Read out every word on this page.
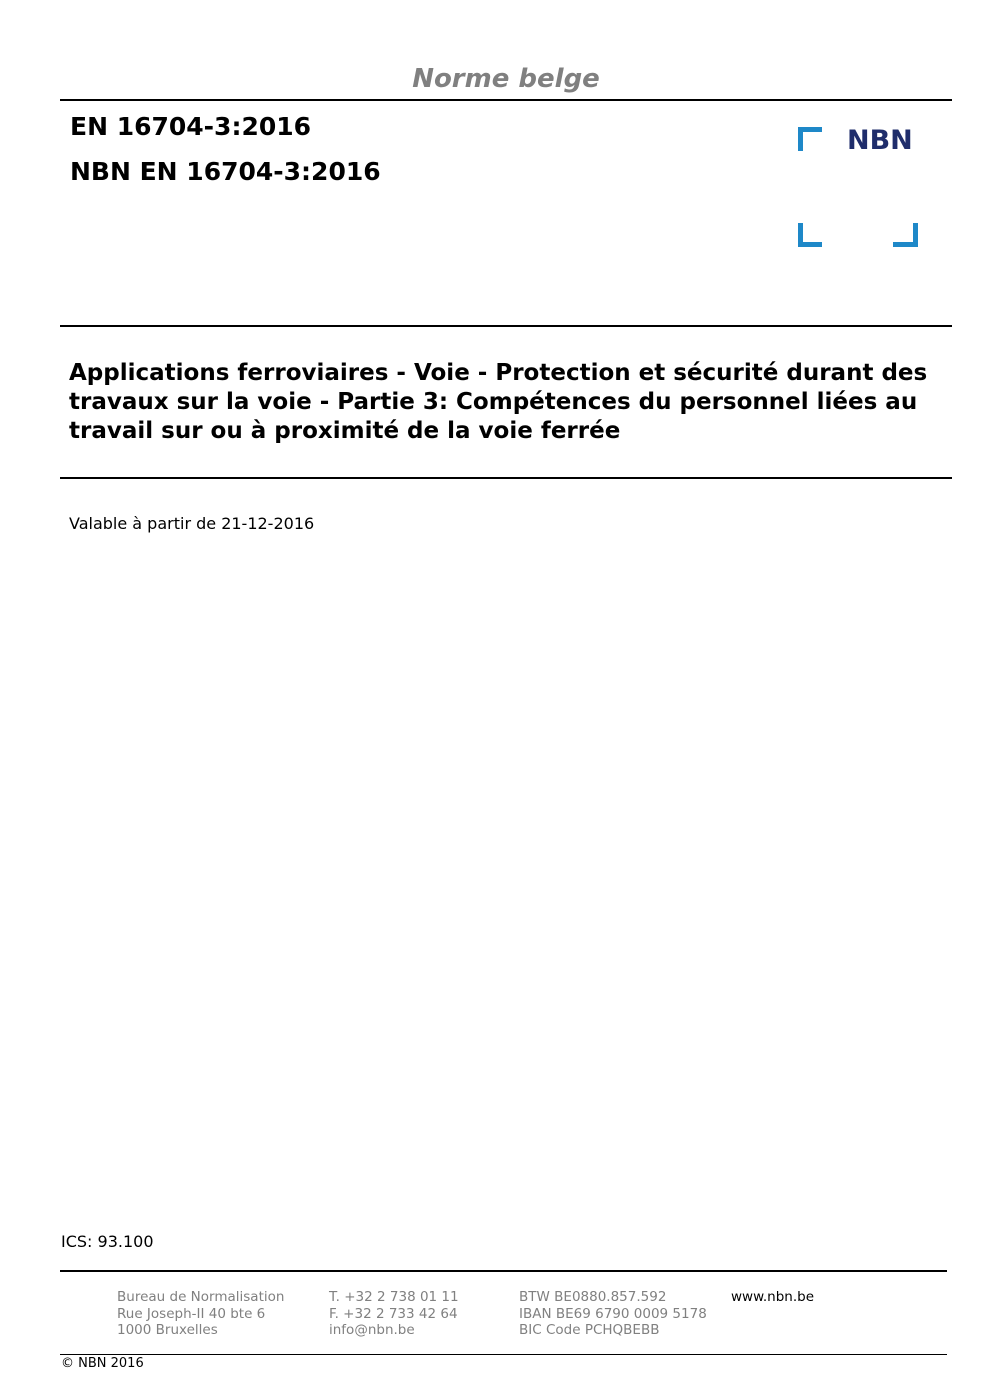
Norme belge
EN 16704-3:2016
NBN EN 16704-3:2016
NBN
Applications ferroviaires - Voie - Protection et sécurité durant des travaux sur la voie - Partie 3: Compétences du personnel liées au travail sur ou à proximité de la voie ferrée
Valable à partir de 21-12-2016
ICS: 93.100
Bureau de Normalisation
Rue Joseph-II 40 bte 6
1000 Bruxelles
T. +32 2 738 01 11
F. +32 2 733 42 64
info@nbn.be
BTW BE0880.857.592
IBAN BE69 6790 0009 5178
BIC Code PCHQBEBB
www.nbn.be
© NBN 2016
